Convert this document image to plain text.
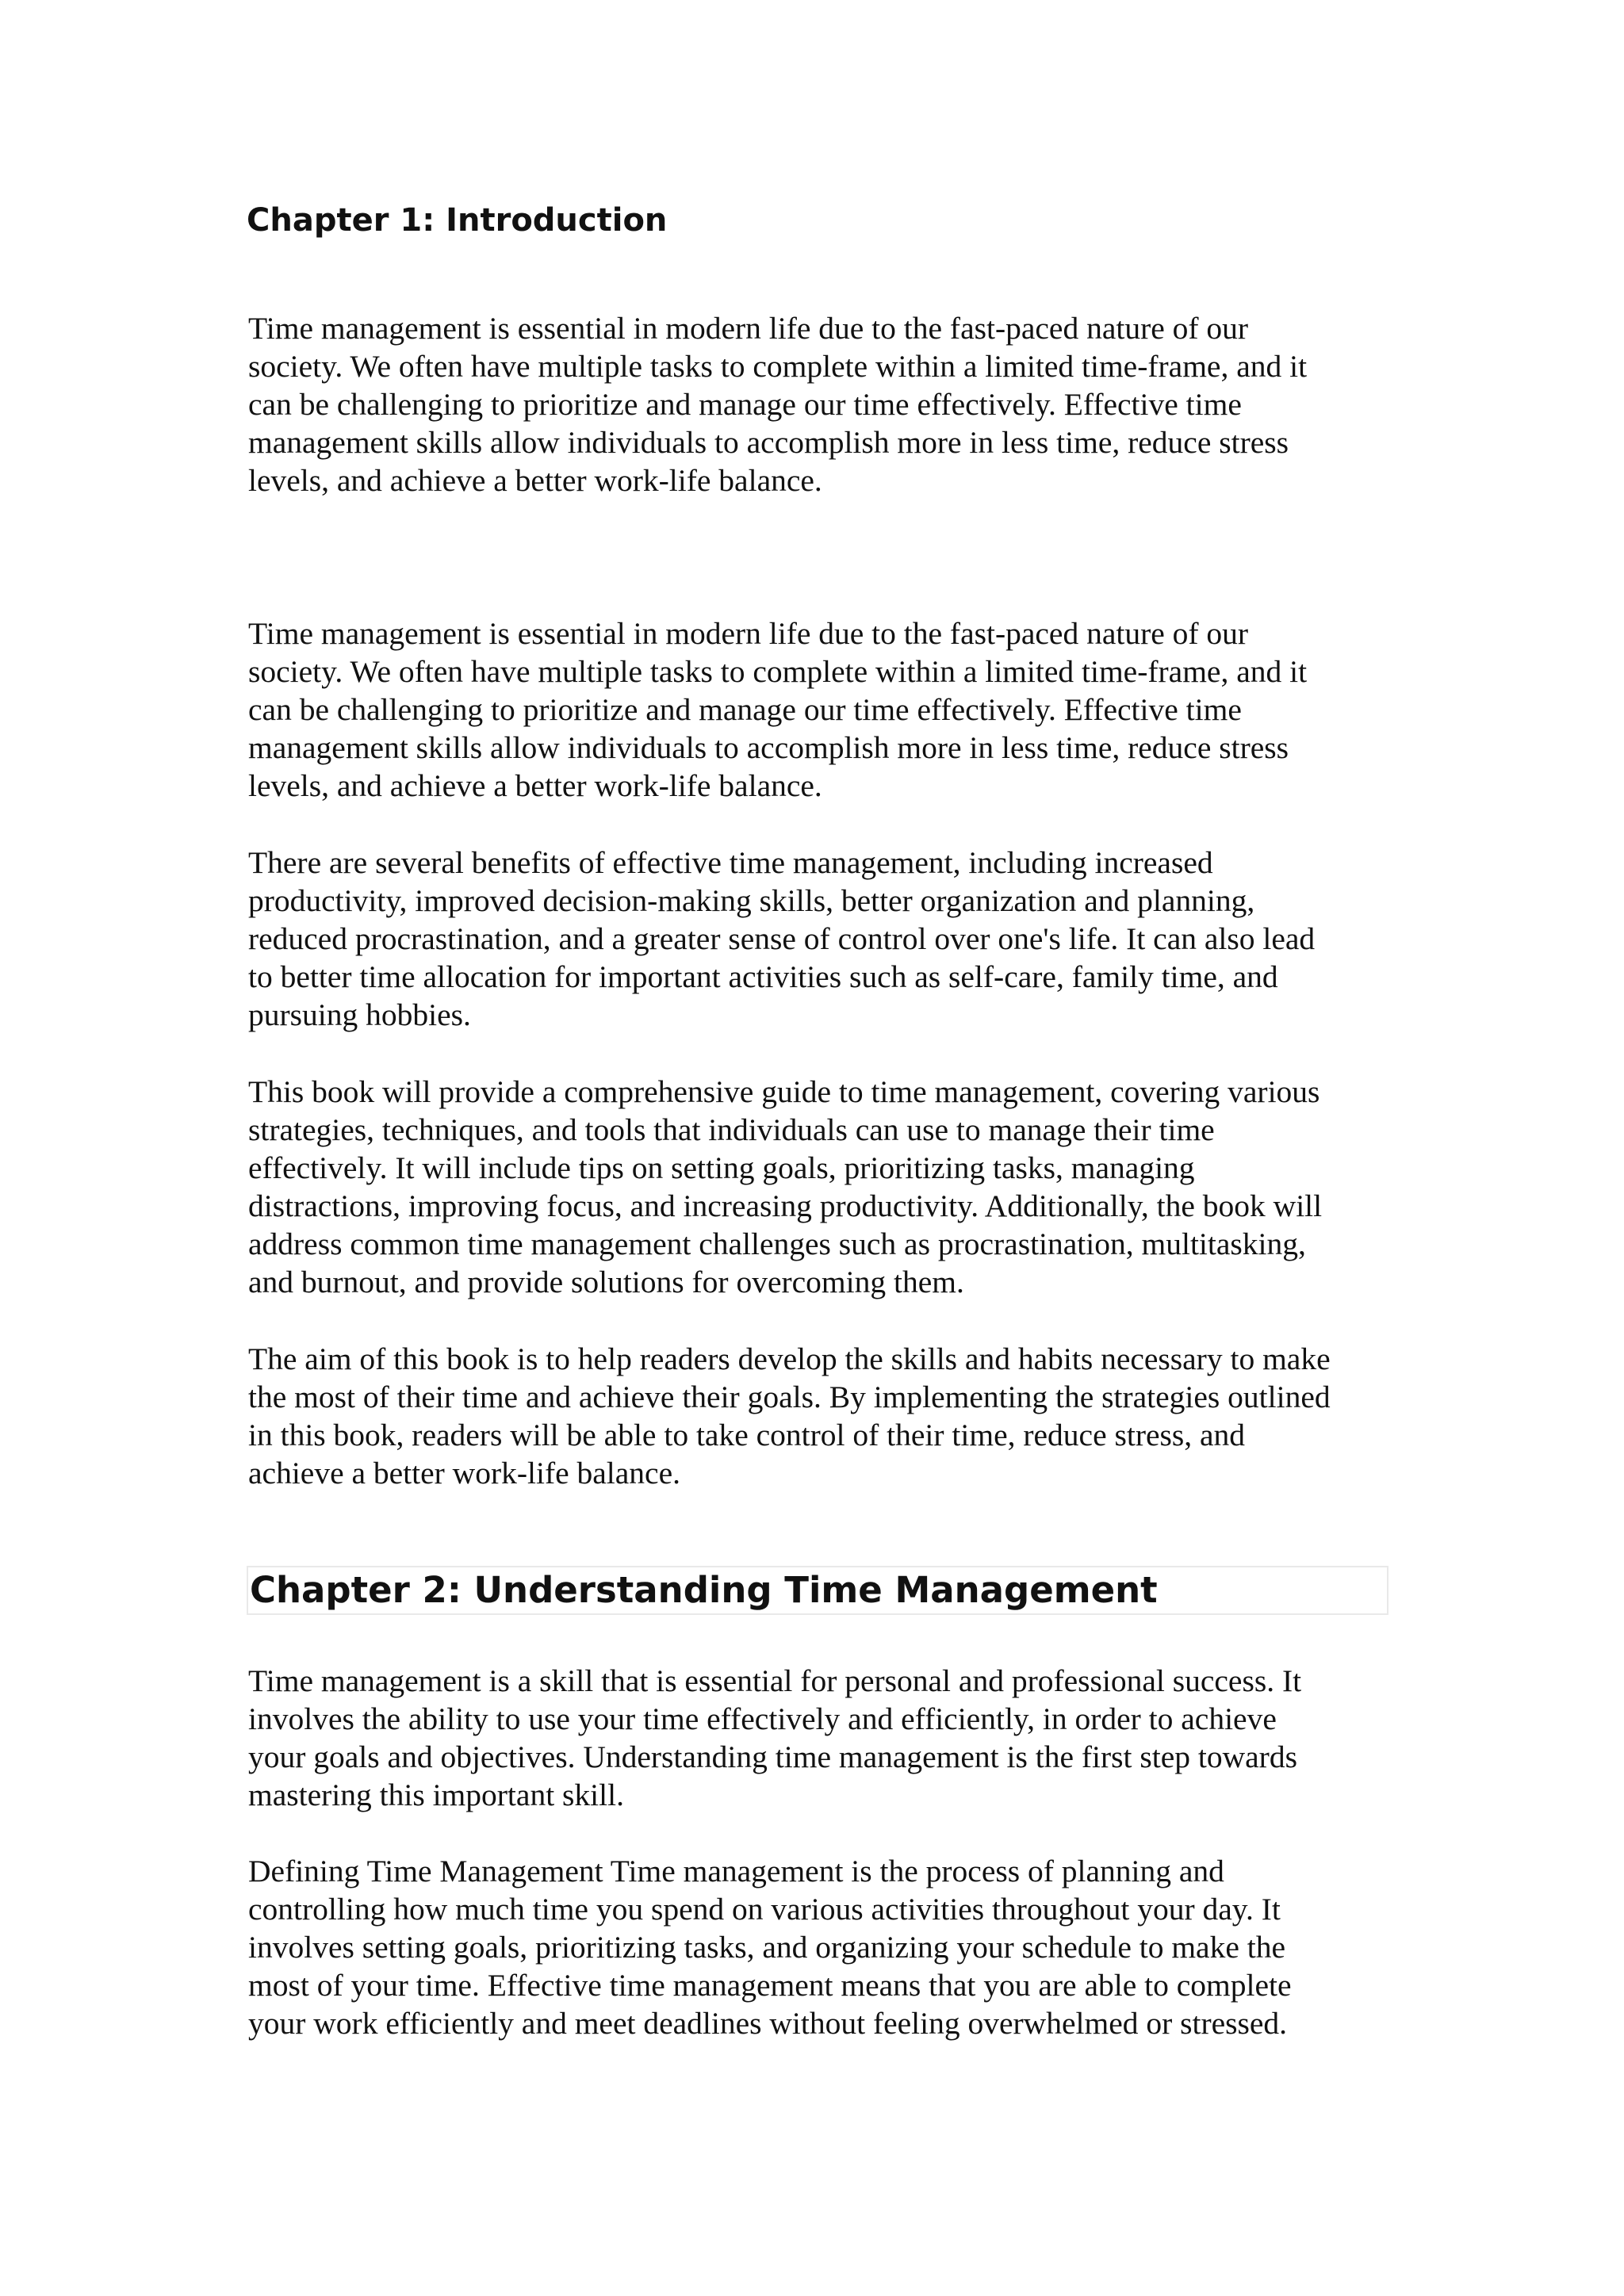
Chapter 1: Introduction

Time management is essential in modern life due to the fast-paced nature of our
society. We often have multiple tasks to complete within a limited time-frame, and it
can be challenging to prioritize and manage our time effectively. Effective time
management skills allow individuals to accomplish more in less time, reduce stress
levels, and achieve a better work-life balance.

Time management is essential in modern life due to the fast-paced nature of our
society. We often have multiple tasks to complete within a limited time-frame, and it
can be challenging to prioritize and manage our time effectively. Effective time
management skills allow individuals to accomplish more in less time, reduce stress
levels, and achieve a better work-life balance.

There are several benefits of effective time management, including increased
productivity, improved decision-making skills, better organization and planning,
reduced procrastination, and a greater sense of control over one's life. It can also lead
to better time allocation for important activities such as self-care, family time, and
pursuing hobbies.

This book will provide a comprehensive guide to time management, covering various
strategies, techniques, and tools that individuals can use to manage their time
effectively. It will include tips on setting goals, prioritizing tasks, managing
distractions, improving focus, and increasing productivity. Additionally, the book will
address common time management challenges such as procrastination, multitasking,
and burnout, and provide solutions for overcoming them.

The aim of this book is to help readers develop the skills and habits necessary to make
the most of their time and achieve their goals. By implementing the strategies outlined
in this book, readers will be able to take control of their time, reduce stress, and
achieve a better work-life balance.

Chapter 2: Understanding Time Management

Time management is a skill that is essential for personal and professional success. It
involves the ability to use your time effectively and efficiently, in order to achieve
your goals and objectives. Understanding time management is the first step towards
mastering this important skill.

Defining Time Management Time management is the process of planning and
controlling how much time you spend on various activities throughout your day. It
involves setting goals, prioritizing tasks, and organizing your schedule to make the
most of your time. Effective time management means that you are able to complete
your work efficiently and meet deadlines without feeling overwhelmed or stressed.
